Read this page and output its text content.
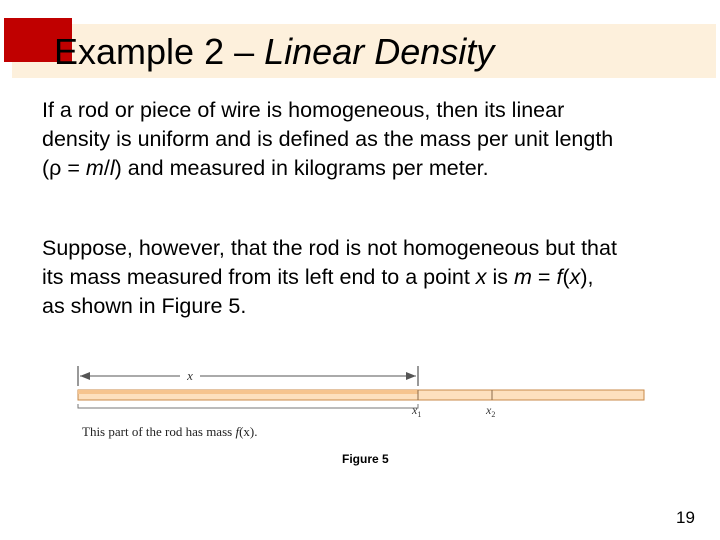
Example 2 – Linear Density

If a rod or piece of wire is homogeneous, then its linear
density is uniform and is defined as the mass per unit length
(ρ = m/l) and measured in kilograms per meter.

Suppose, however, that the rod is not homogeneous but that
its mass measured from its left end to a point x is m = f(x),
as shown in Figure 5.

x
$x_1$	$x_2$
This part of the rod has mass f(x).

Figure 5

19
